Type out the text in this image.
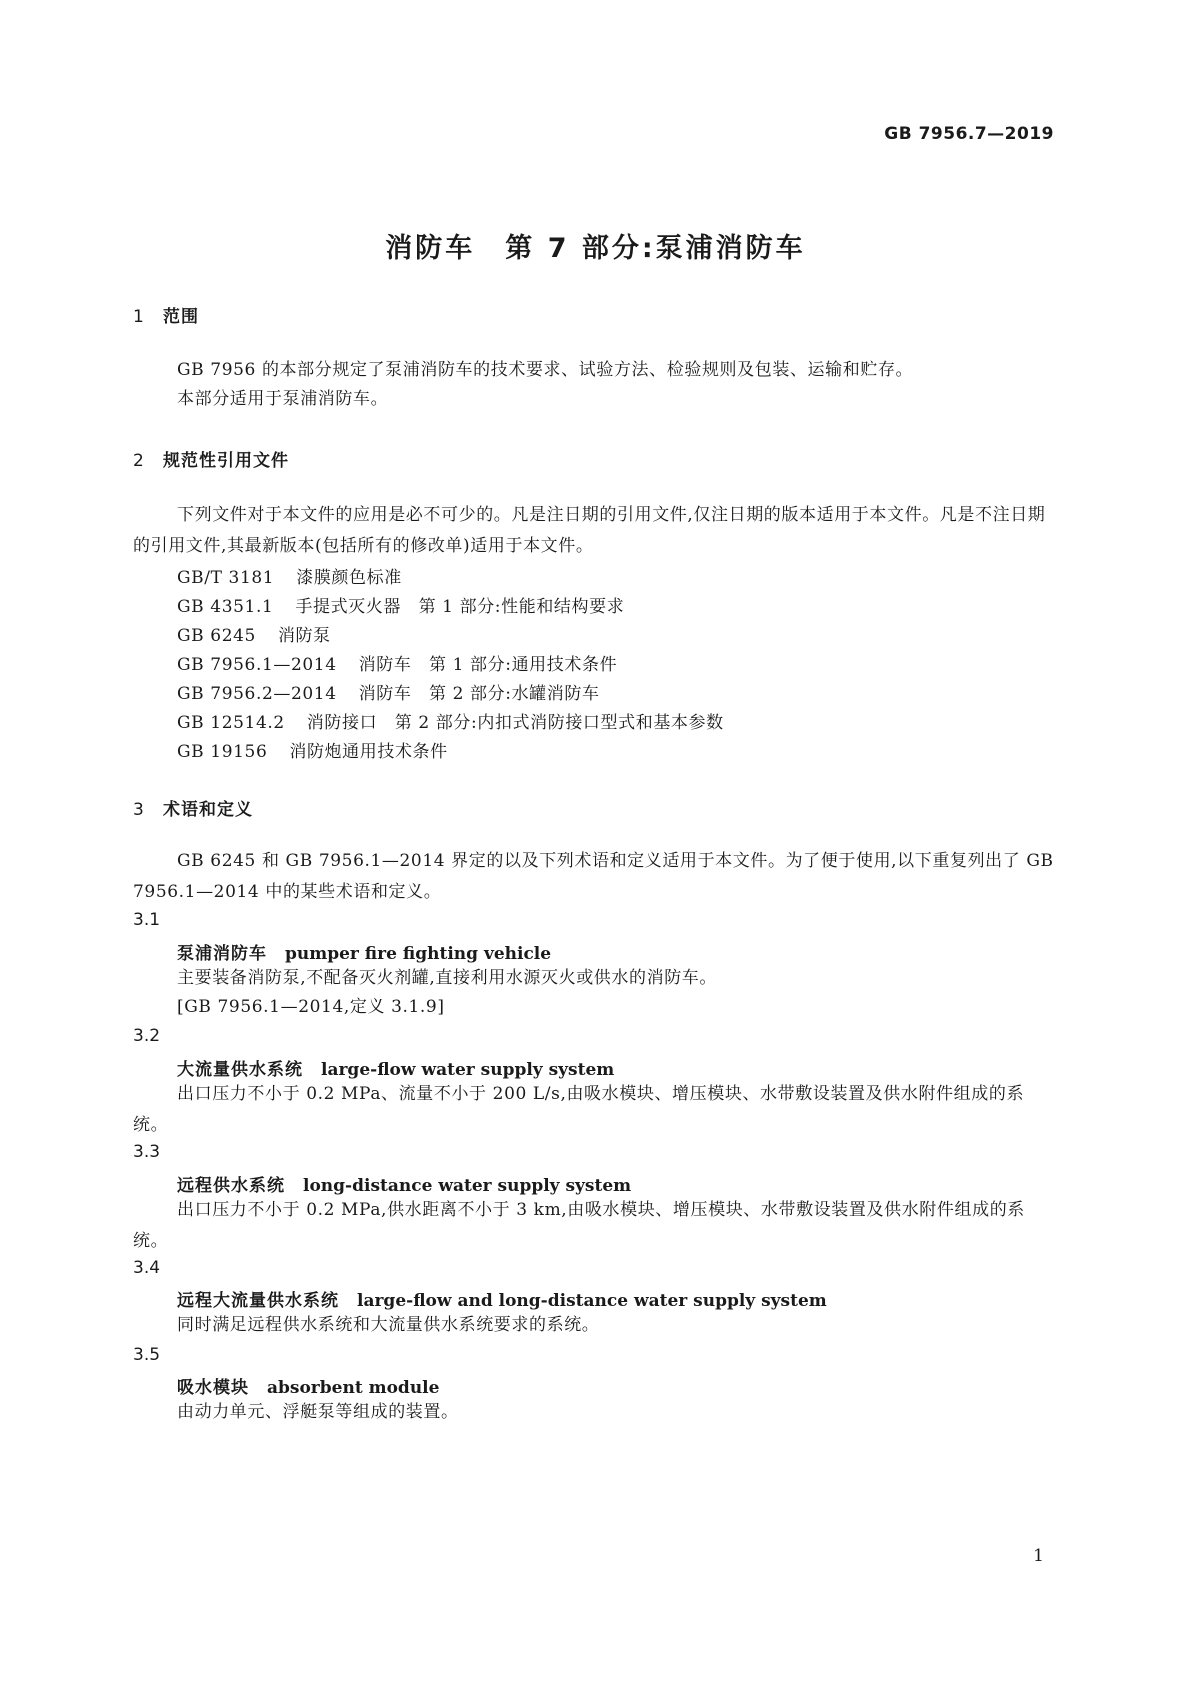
GB 7956.7—2019
消防车　第 7 部分:泵浦消防车
1 范围
GB 7956 的本部分规定了泵浦消防车的技术要求、试验方法、检验规则及包装、运输和贮存。
本部分适用于泵浦消防车。
2 规范性引用文件
下列文件对于本文件的应用是必不可少的。凡是注日期的引用文件,仅注日期的版本适用于本文件。凡是不注日期的引用文件,其最新版本(包括所有的修改单)适用于本文件。
GB/T 3181 漆膜颜色标准
GB 4351.1 手提式灭火器　第 1 部分:性能和结构要求
GB 6245 消防泵
GB 7956.1—2014 消防车　第 1 部分:通用技术条件
GB 7956.2—2014 消防车　第 2 部分:水罐消防车
GB 12514.2 消防接口　第 2 部分:内扣式消防接口型式和基本参数
GB 19156 消防炮通用技术条件
3 术语和定义
GB 6245 和 GB 7956.1—2014 界定的以及下列术语和定义适用于本文件。为了便于使用,以下重复列出了 GB 7956.1—2014 中的某些术语和定义。
3.1
泵浦消防车 pumper fire fighting vehicle
主要装备消防泵,不配备灭火剂罐,直接利用水源灭火或供水的消防车。
[GB 7956.1—2014,定义 3.1.9]
3.2
大流量供水系统 large-flow water supply system
出口压力不小于 0.2 MPa、流量不小于 200 L/s,由吸水模块、增压模块、水带敷设装置及供水附件组成的系统。
3.3
远程供水系统 long-distance water supply system
出口压力不小于 0.2 MPa,供水距离不小于 3 km,由吸水模块、增压模块、水带敷设装置及供水附件组成的系统。
3.4
远程大流量供水系统 large-flow and long-distance water supply system
同时满足远程供水系统和大流量供水系统要求的系统。
3.5
吸水模块 absorbent module
由动力单元、浮艇泵等组成的装置。
1
